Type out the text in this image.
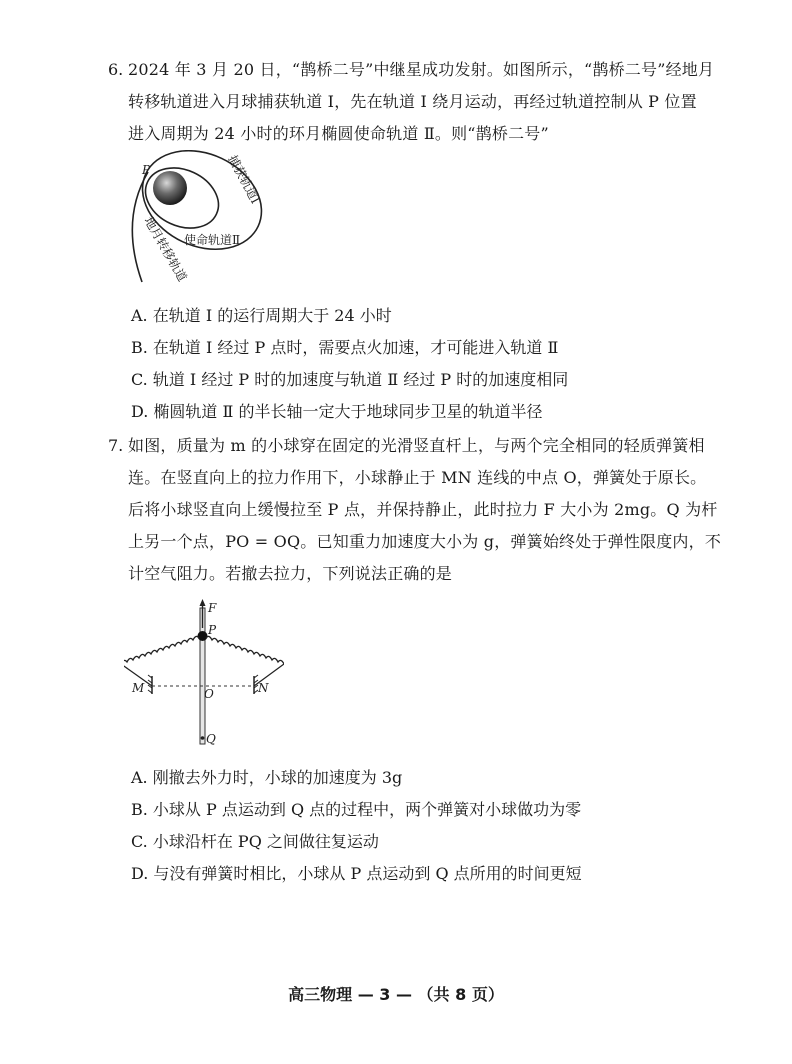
6. 2024 年 3 月 20 日，“鹊桥二号”中继星成功发射。如图所示，“鹊桥二号”经地月
转移轨道进入月球捕获轨道 Ⅰ，先在轨道 Ⅰ 绕月运动，再经过轨道控制从 P 位置
进入周期为 24 小时的环月椭圆使命轨道 Ⅱ。则“鹊桥二号”
P	捕获轨道Ⅰ
使命轨道Ⅱ
地月转移轨道
A. 在轨道 Ⅰ 的运行周期大于 24 小时
B. 在轨道 Ⅰ 经过 P 点时，需要点火加速，才可能进入轨道 Ⅱ
C. 轨道 Ⅰ 经过 P 时的加速度与轨道 Ⅱ 经过 P 时的加速度相同
D. 椭圆轨道 Ⅱ 的半长轴一定大于地球同步卫星的轨道半径
7. 如图，质量为 m 的小球穿在固定的光滑竖直杆上，与两个完全相同的轻质弹簧相
连。在竖直向上的拉力作用下，小球静止于 MN 连线的中点 O，弹簧处于原长。
后将小球竖直向上缓慢拉至 P 点，并保持静止，此时拉力 F 大小为 2mg。Q 为杆
上另一个点，PO = OQ。已知重力加速度大小为 g，弹簧始终处于弹性限度内，不
计空气阻力。若撤去拉力，下列说法正确的是
F
P
M	N
O
Q
A. 刚撤去外力时，小球的加速度为 3g
B. 小球从 P 点运动到 Q 点的过程中，两个弹簧对小球做功为零
C. 小球沿杆在 PQ 之间做往复运动
D. 与没有弹簧时相比，小球从 P 点运动到 Q 点所用的时间更短
高三物理 — 3 — （共 8 页）
